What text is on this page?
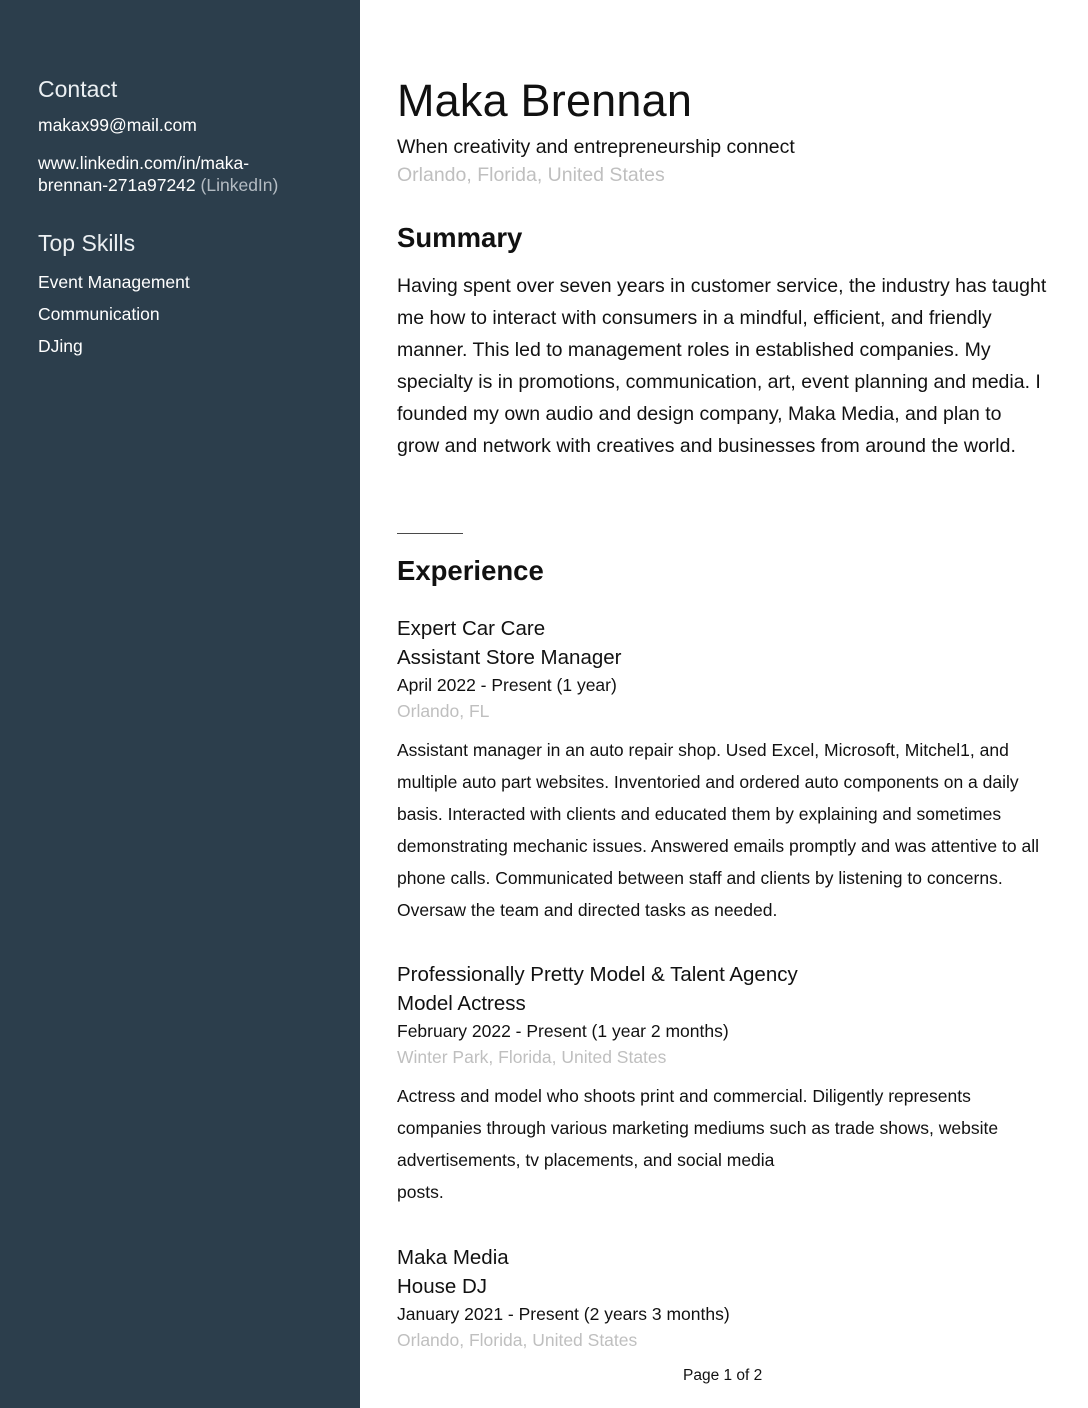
Contact
makax99@mail.com
www.linkedin.com/in/maka-
brennan-271a97242 (LinkedIn)
Top Skills
Event Management
Communication
DJing
Maka Brennan
When creativity and entrepreneurship connect
Orlando, Florida, United States
Summary

Having spent over seven years in customer service, the industry has taught me how to interact with consumers in a mindful, efficient, and friendly manner. This led to management roles in established companies. My specialty is in promotions, communication, art, event planning and media. I founded my own audio and design company, Maka Media, and plan to grow and network with creatives and businesses from around the world.

Experience
Expert Car Care
Assistant Store Manager
April 2022 - Present (1 year)
Orlando, FL

Assistant manager in an auto repair shop. Used Excel, Microsoft, Mitchel1, and multiple auto part websites. Inventoried and ordered auto components on a daily basis. Interacted with clients and educated them by explaining and sometimes demonstrating mechanic issues. Answered emails promptly and was attentive to all phone calls. Communicated between staff and clients by listening to concerns. Oversaw the team and directed tasks as needed.

Professionally Pretty Model & Talent Agency
Model Actress
February 2022 - Present (1 year 2 months)
Winter Park, Florida, United States

Actress and model who shoots print and commercial. Diligently represents companies through various marketing mediums such as trade shows, website advertisements, tv placements, and social media
posts.

Maka Media
House DJ
January 2021 - Present (2 years 3 months)
Orlando, Florida, United States
Page 1 of 2
